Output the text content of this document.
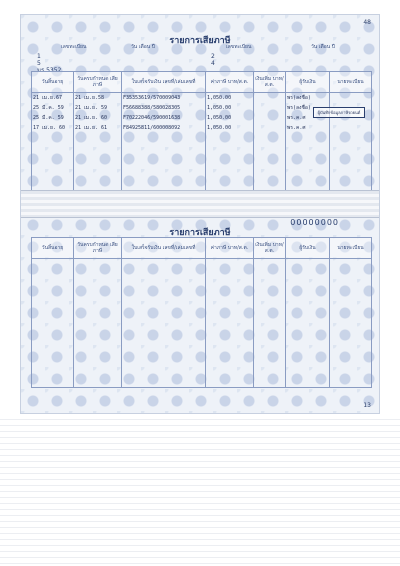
48
รายการเสียภาษี
เลขทะเบียน	วัน เดือน ปี	เลขทะเบียน	วัน เดือน ปี
1
5
มร 5352
2
4
วันสิ้นอายุ	วันครบกำหนด เสียภาษี	ใบเสร็จรับเงิน เลขที่/เล่มเลขที่	ค่าภาษี บาท/ส.ต.	เงินเพิ่ม บาท/ส.ต.	ผู้รับเงิน	นายทะเบียน
21 เม.ย.67	21 เม.ย.58	F35353619/570009043	1,050.00		พร(ลงชื่อ)	
25 มี.ค. 59	21 เม.ย. 59	F56688388/580028305	1,050.00		พร(ลงชื่อ)	
25 มี.ค. 59	21 เม.ย. 60	F70222046/590001638	1,050.00		พร.ค.ศ	
17 เม.ย. 60	21 เม.ย. 61	F84925811/600008092	1,050.00		พร.ค.ศ	

ผู้บันทึกข้อมูลภาษีรถยนต์
00000000
รายการเสียภาษี
วันสิ้นอายุ	วันครบกำหนด เสียภาษี	ใบเสร็จรับเงิน เลขที่/เล่มเลขที่	ค่าภาษี บาท/ส.ต.	เงินเพิ่ม บาท/ส.ต.	ผู้รับเงิน	นายทะเบียน

13
